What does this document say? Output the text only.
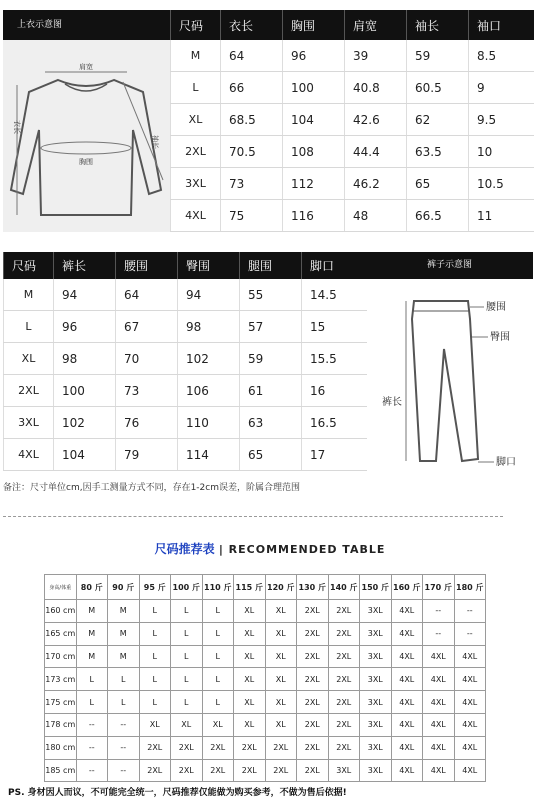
上衣示意图
肩宽
衣长
袖长
胸围
尺码	衣长	胸围	肩宽	袖长	袖口
M	64	96	39	59	8.5
L	66	100	40.8	60.5	9
XL	68.5	104	42.6	62	9.5
2XL	70.5	108	44.4	63.5	10
3XL	73	112	46.2	65	10.5
4XL	75	116	48	66.5	11
尺码	裤长	腰围	臀围	腿围	脚口
M	94	64	94	55	14.5
L	96	67	98	57	15
XL	98	70	102	59	15.5
2XL	100	73	106	61	16
3XL	102	76	110	63	16.5
4XL	104	79	114	65	17
裤子示意图
腰围
臀围
裤长
脚口
备注：尺寸单位cm,因手工测量方式不同，存在1-2cm误差，阶属合理范围
尺码推荐表 | RECOMMENDED TABLE
身高/体重	80 斤	90 斤	95 斤	100 斤	110 斤	115 斤	120 斤	130 斤	140 斤	150 斤	160 斤	170 斤	180 斤
160 cm	M	M	L	L	L	XL	XL	2XL	2XL	3XL	4XL	--	--
165 cm	M	M	L	L	L	XL	XL	2XL	2XL	3XL	4XL	--	--
170 cm	M	M	L	L	L	XL	XL	2XL	2XL	3XL	4XL	4XL	4XL
173 cm	L	L	L	L	L	XL	XL	2XL	2XL	3XL	4XL	4XL	4XL
175 cm	L	L	L	L	L	XL	XL	2XL	2XL	3XL	4XL	4XL	4XL
178 cm	--	--	XL	XL	XL	XL	XL	2XL	2XL	3XL	4XL	4XL	4XL
180 cm	--	--	2XL	2XL	2XL	2XL	2XL	2XL	2XL	3XL	4XL	4XL	4XL
185 cm	--	--	2XL	2XL	2XL	2XL	2XL	2XL	3XL	3XL	4XL	4XL	4XL
PS. 身材因人而议，不可能完全统一，尺码推荐仅能做为购买参考，不做为售后依据!
